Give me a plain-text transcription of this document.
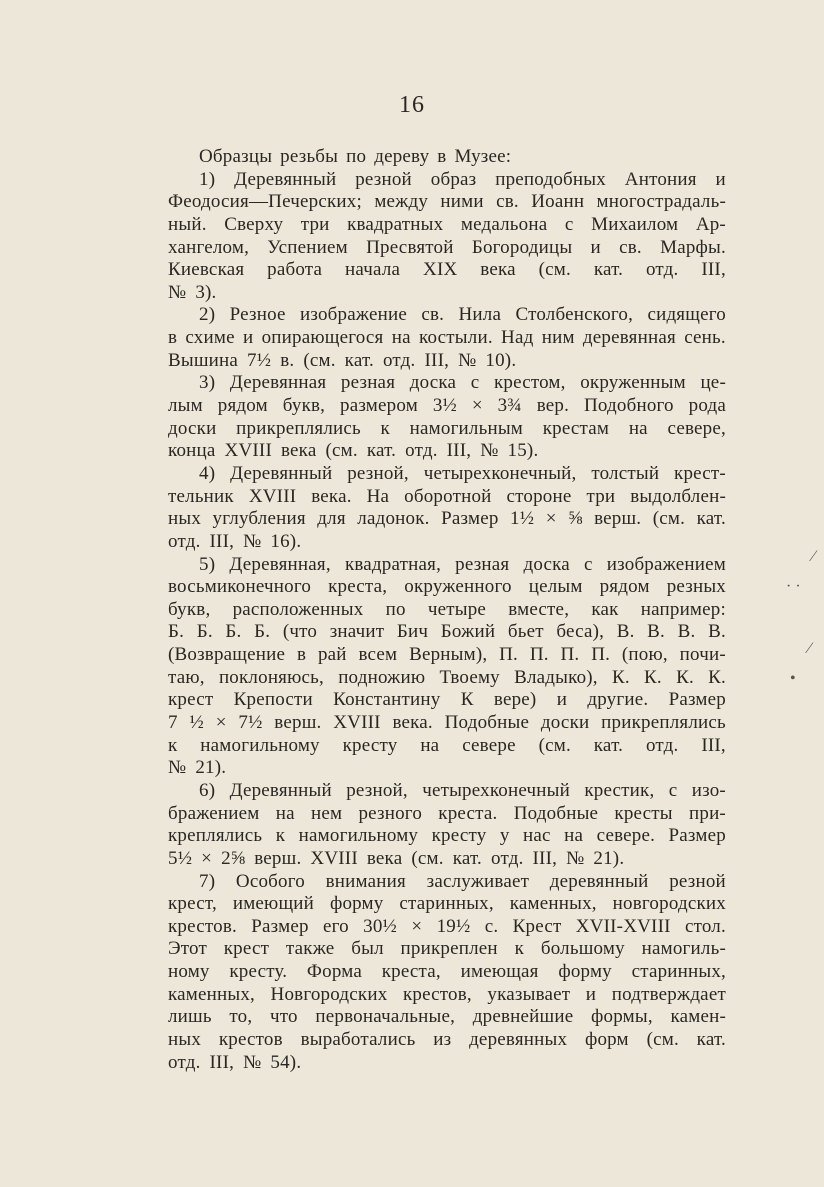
16
Образцы резьбы по дереву в Музее:
1) Деревянный резной образ преподобных Антония и
Феодосия—Печерских; между ними св. Иоанн многострадаль-
ный. Сверху три квадратных медальона с Михаилом Ар-
хангелом, Успением Пресвятой Богородицы и св. Марфы.
Киевская работа начала XIX века (см. кат. отд. III,
№ 3).
2) Резное изображение св. Нила Столбенского, сидящего
в схиме и опирающегося на костыли. Над ним деревянная сень.
Вышина 7½ в. (см. кат. отд. III, № 10).
3) Деревянная резная доска с крестом, окруженным це-
лым рядом букв, размером 3½ × 3¾ вер. Подобного рода
доски прикреплялись к намогильным крестам на севере,
конца XVIII века (см. кат. отд. III, № 15).
4) Деревянный резной, четырехконечный, толстый крест-
тельник XVIII века. На оборотной стороне три выдолблен-
ных углубления для ладонок. Размер 1½ × ⅝ верш. (см. кат.
отд. III, № 16).
5) Деревянная, квадратная, резная доска с изображением
восьмиконечного креста, окруженного целым рядом резных
букв, расположенных по четыре вместе, как например:
Б. Б. Б. Б. (что значит Бич Божий бьет беса), В. В. В. В.
(Возвращение в рай всем Верным), П. П. П. П. (пою, почи-
таю, поклоняюсь, подножию Твоему Владыко), К. К. К. К.
крест Крепости Константину К вере) и другие. Размер
7 ½ × 7½ верш. XVIII века. Подобные доски прикреплялись
к намогильному кресту на севере (см. кат. отд. III,
№ 21).
6) Деревянный резной, четырехконечный крестик, с изо-
бражением на нем резного креста. Подобные кресты при-
креплялись к намогильному кресту у нас на севере. Размер
5½ × 2⅝ верш. XVIII века (см. кат. отд. III, № 21).
7) Особого внимания заслуживает деревянный резной
крест, имеющий форму старинных, каменных, новгородских
крестов. Размер его 30½ × 19½ с. Крест XVII-XVIII стол.
Этот крест также был прикреплен к большому намогиль-
ному кресту. Форма креста, имеющая форму старинных,
каменных, Новгородских крестов, указывает и подтверждает
лишь то, что первоначальные, древнейшие формы, камен-
ных крестов выработались из деревянных форм (см. кат.
отд. III, № 54).
⁄
· ·
⁄
•
